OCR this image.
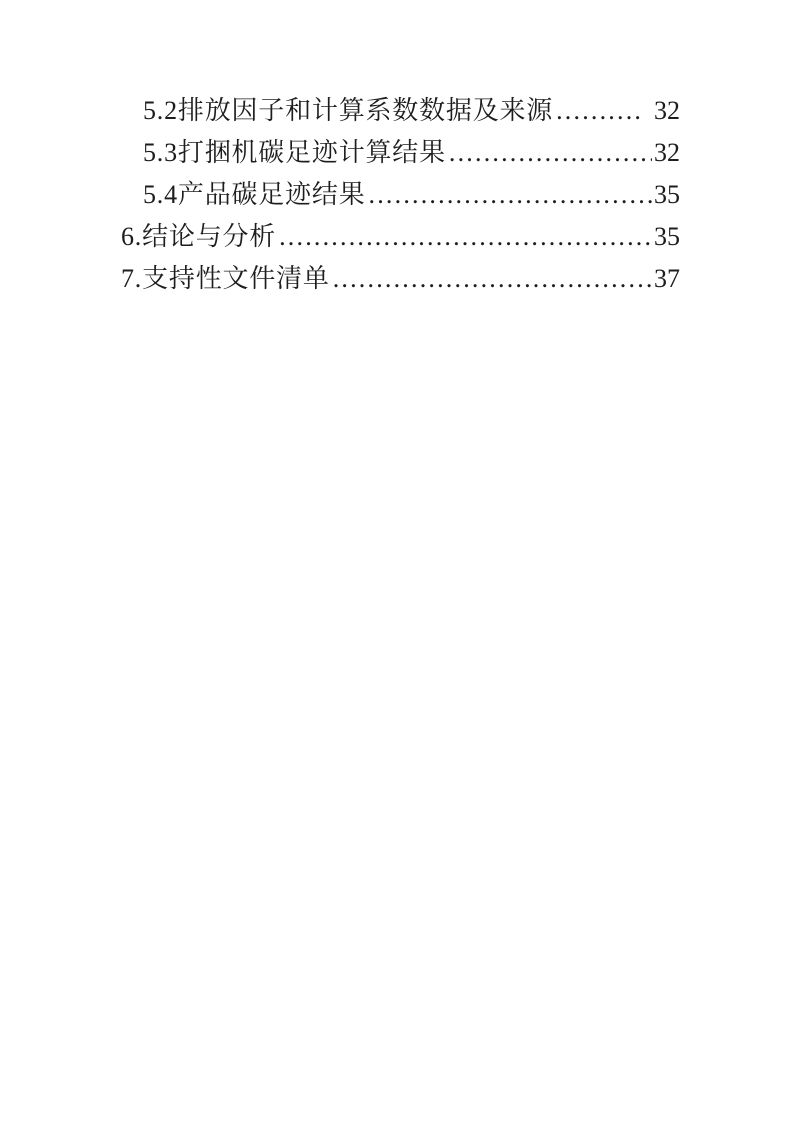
5.2排放因子和计算系数数据及来源 .....	32
5.3打捆机碳足迹计算结果 .....	32
5.4产品碳足迹结果 .....	35
6.结论与分析 .....	35
7.支持性文件清单 .....	37
